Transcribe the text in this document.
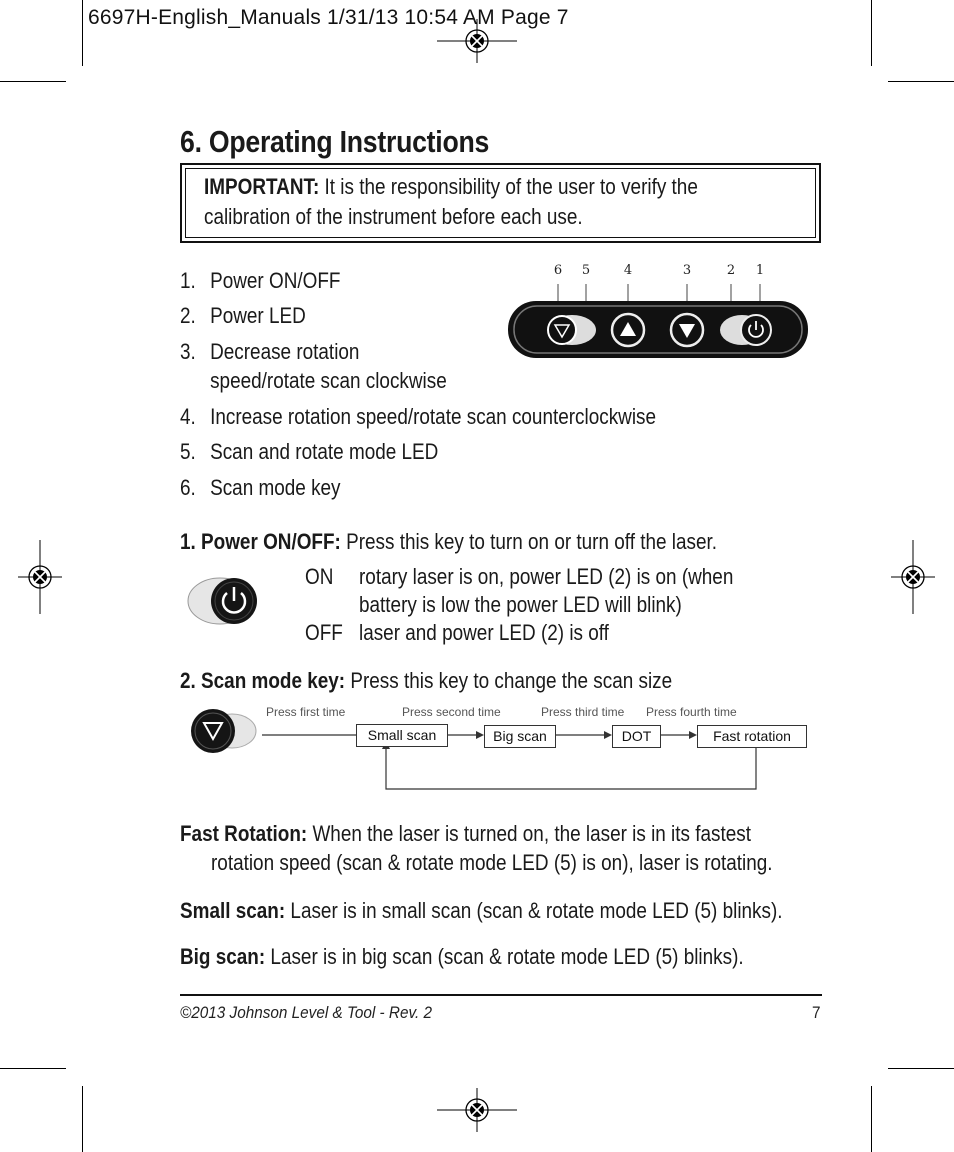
6697H-English_Manuals 1/31/13 10:54 AM Page 7
6. Operating Instructions
IMPORTANT: It is the responsibility of the user to verify the
calibration of the instrument before each use.
1. Power ON/OFF
2. Power LED
3. Decrease rotation
speed/rotate scan clockwise
4. Increase rotation speed/rotate scan counterclockwise
5. Scan and rotate mode LED
6. Scan mode key
6 5	4	3	2 1
1. Power ON/OFF: Press this key to turn on or turn off the laser.
ON rotary laser is on, power LED (2) is on (when
battery is low the power LED will blink)
OFF laser and power LED (2) is off
2. Scan mode key: Press this key to change the scan size
Press first time	Press second time	Press third time Press fourth time
Small scan	Big scan	DOT	Fast rotation
Fast Rotation: When the laser is turned on, the laser is in its fastest
rotation speed (scan & rotate mode LED (5) is on), laser is rotating.
Small scan: Laser is in small scan (scan & rotate mode LED (5) blinks).
Big scan: Laser is in big scan (scan & rotate mode LED (5) blinks).
©2013 Johnson Level & Tool - Rev. 2	7
